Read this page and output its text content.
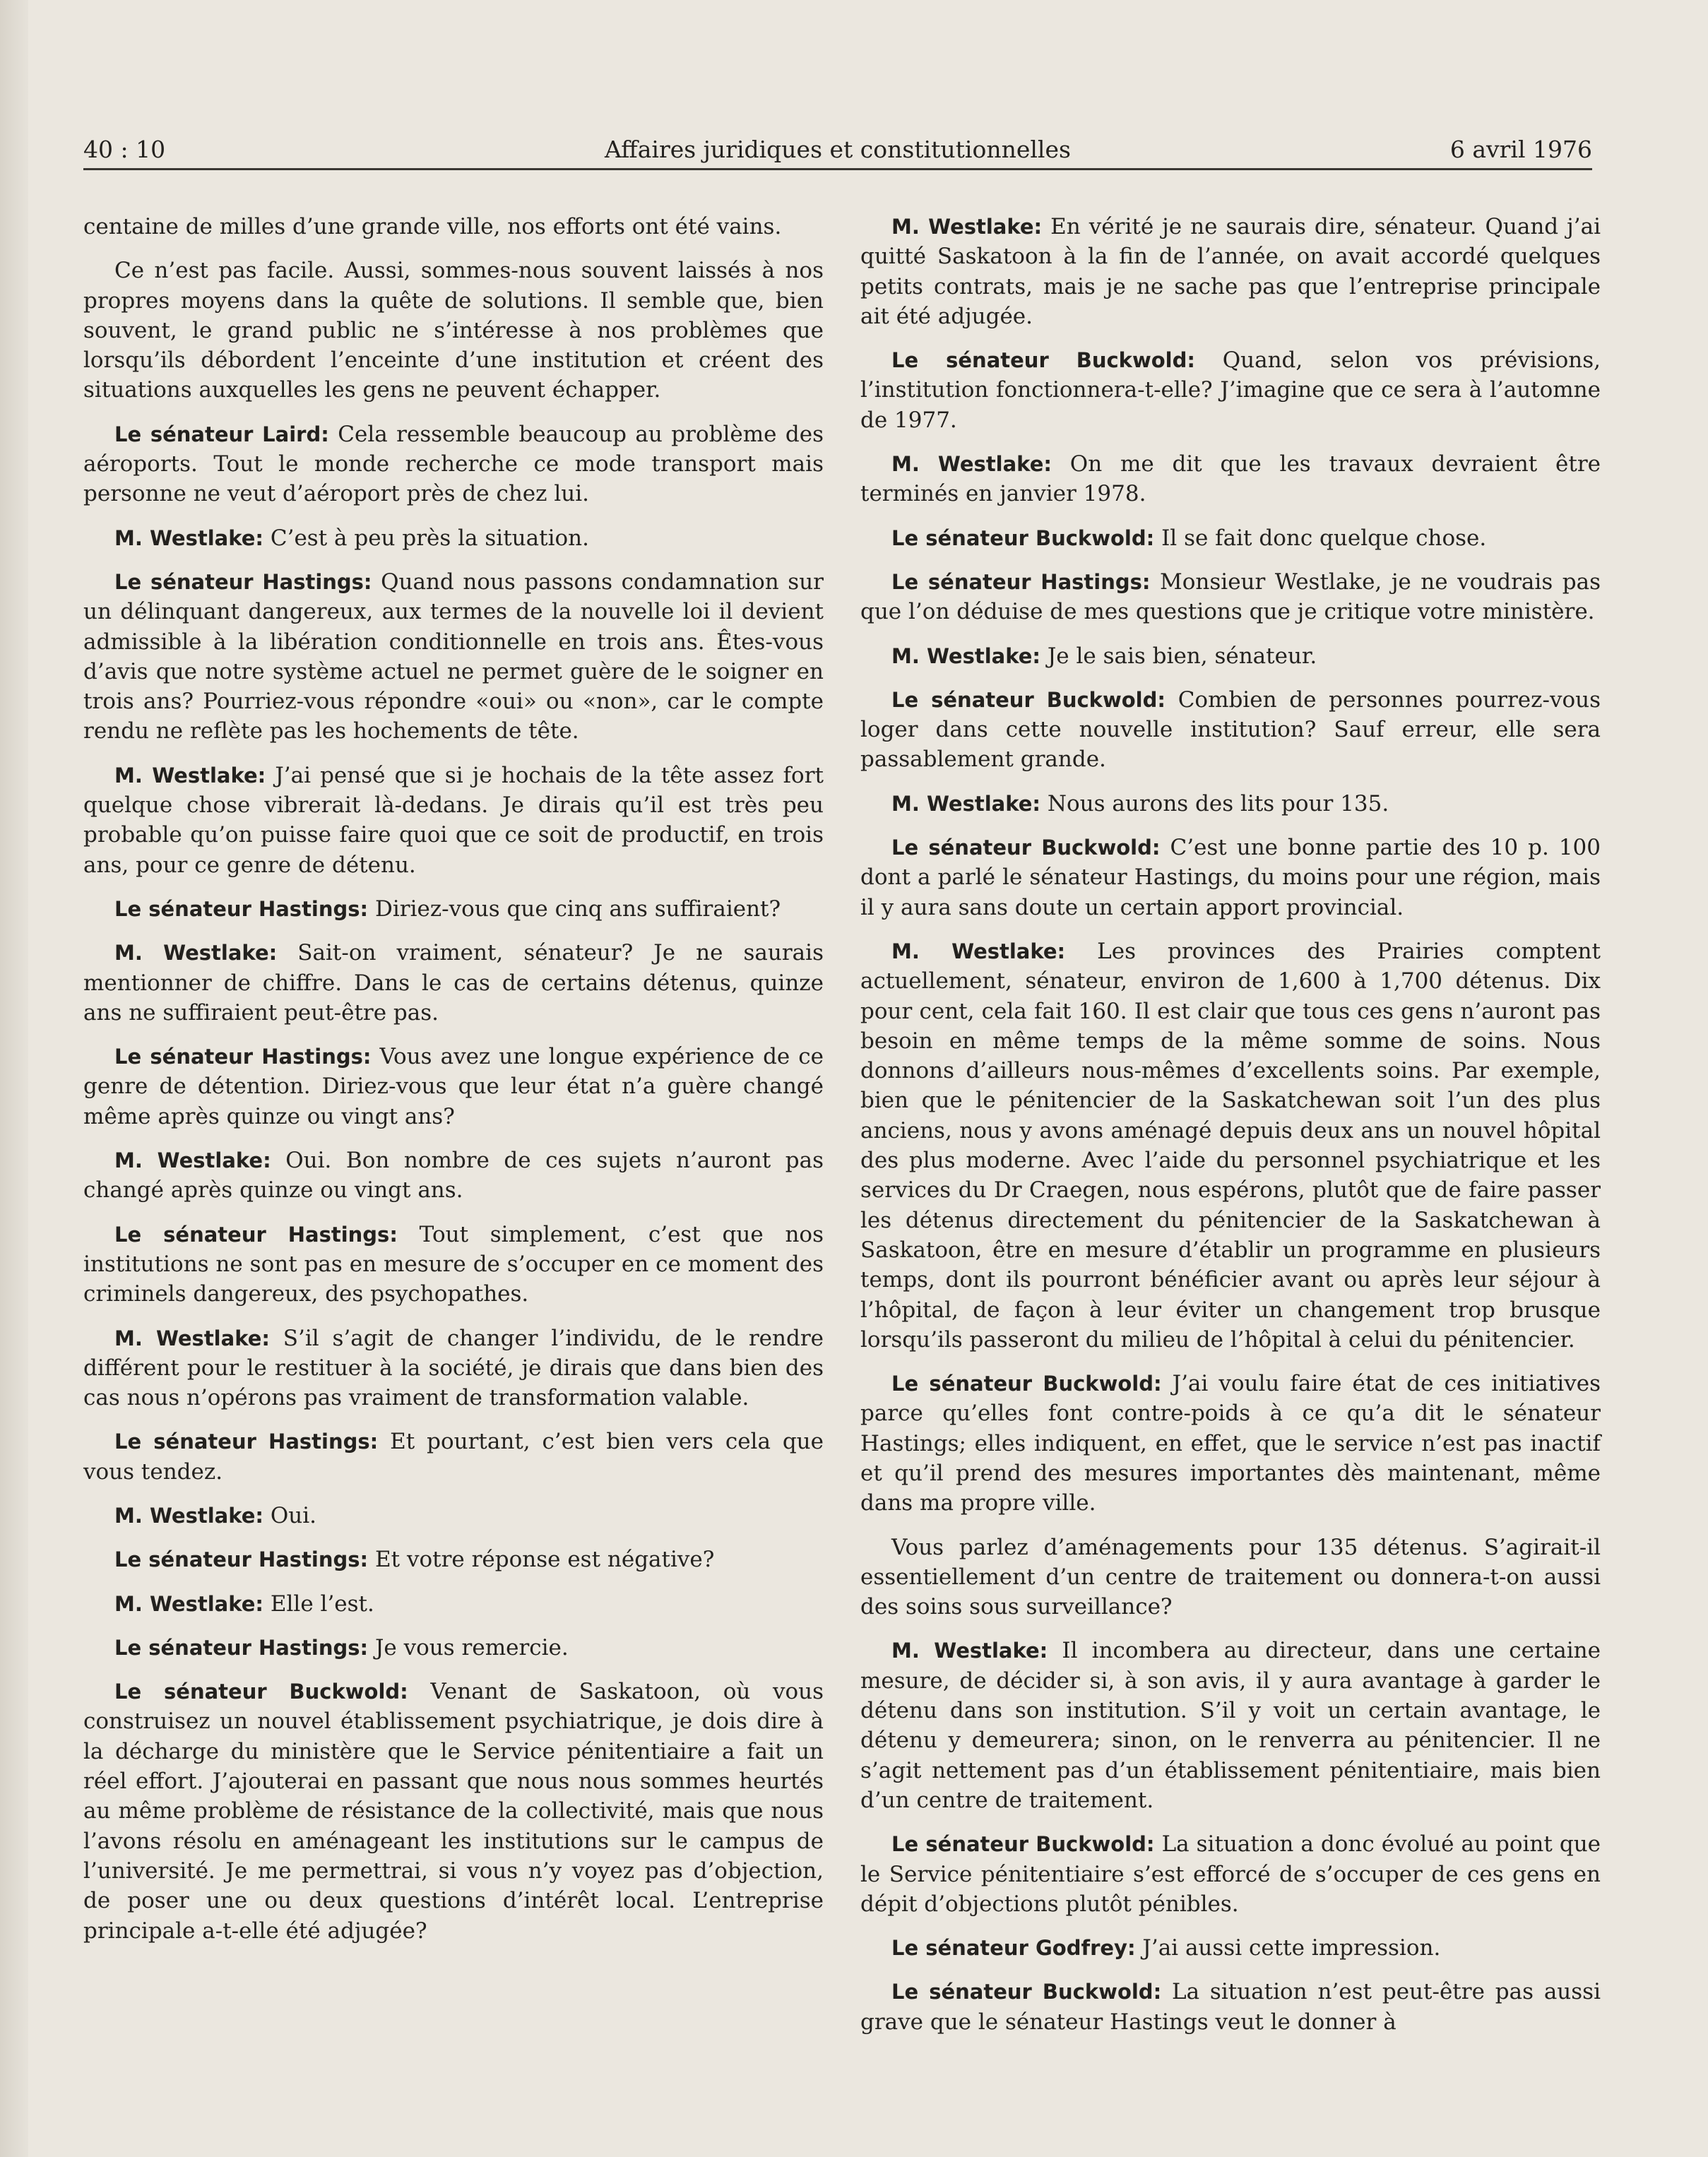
40 : 10	Affaires juridiques et constitutionnelles	6 avril 1976

centaine de milles d’une grande ville, nos efforts ont été vains.

Ce n’est pas facile. Aussi, sommes-nous souvent laissés à nos propres moyens dans la quête de solutions. Il semble que, bien souvent, le grand public ne s’intéresse à nos problèmes que lorsqu’ils débordent l’enceinte d’une institution et créent des situations auxquelles les gens ne peuvent échapper.

Le sénateur Laird: Cela ressemble beaucoup au problème des aéroports. Tout le monde recherche ce mode transport mais personne ne veut d’aéroport près de chez lui.

M. Westlake: C’est à peu près la situation.

Le sénateur Hastings: Quand nous passons condamnation sur un délinquant dangereux, aux termes de la nouvelle loi il devient admissible à la libération conditionnelle en trois ans. Êtes-vous d’avis que notre système actuel ne permet guère de le soigner en trois ans? Pourriez-vous répondre «oui» ou «non», car le compte rendu ne reflète pas les hochements de tête.

M. Westlake: J’ai pensé que si je hochais de la tête assez fort quelque chose vibrerait là-dedans. Je dirais qu’il est très peu probable qu’on puisse faire quoi que ce soit de productif, en trois ans, pour ce genre de détenu.

Le sénateur Hastings: Diriez-vous que cinq ans suffiraient?

M. Westlake: Sait-on vraiment, sénateur? Je ne saurais mentionner de chiffre. Dans le cas de certains détenus, quinze ans ne suffiraient peut-être pas.

Le sénateur Hastings: Vous avez une longue expérience de ce genre de détention. Diriez-vous que leur état n’a guère changé même après quinze ou vingt ans?

M. Westlake: Oui. Bon nombre de ces sujets n’auront pas changé après quinze ou vingt ans.

Le sénateur Hastings: Tout simplement, c’est que nos institutions ne sont pas en mesure de s’occuper en ce moment des criminels dangereux, des psychopathes.

M. Westlake: S’il s’agit de changer l’individu, de le rendre différent pour le restituer à la société, je dirais que dans bien des cas nous n’opérons pas vraiment de transformation valable.

Le sénateur Hastings: Et pourtant, c’est bien vers cela que vous tendez.

M. Westlake: Oui.

Le sénateur Hastings: Et votre réponse est négative?

M. Westlake: Elle l’est.

Le sénateur Hastings: Je vous remercie.

Le sénateur Buckwold: Venant de Saskatoon, où vous construisez un nouvel établissement psychiatrique, je dois dire à la décharge du ministère que le Service pénitentiaire a fait un réel effort. J’ajouterai en passant que nous nous sommes heurtés au même problème de résistance de la collectivité, mais que nous l’avons résolu en aménageant les institutions sur le campus de l’université. Je me permettrai, si vous n’y voyez pas d’objection, de poser une ou deux questions d’intérêt local. L’entreprise principale a-t-elle été adjugée?

M. Westlake: En vérité je ne saurais dire, sénateur. Quand j’ai quitté Saskatoon à la fin de l’année, on avait accordé quelques petits contrats, mais je ne sache pas que l’entreprise principale ait été adjugée.

Le sénateur Buckwold: Quand, selon vos prévisions, l’institution fonctionnera-t-elle? J’imagine que ce sera à l’automne de 1977.

M. Westlake: On me dit que les travaux devraient être terminés en janvier 1978.

Le sénateur Buckwold: Il se fait donc quelque chose.

Le sénateur Hastings: Monsieur Westlake, je ne voudrais pas que l’on déduise de mes questions que je critique votre ministère.

M. Westlake: Je le sais bien, sénateur.

Le sénateur Buckwold: Combien de personnes pourrez-vous loger dans cette nouvelle institution? Sauf erreur, elle sera passablement grande.

M. Westlake: Nous aurons des lits pour 135.

Le sénateur Buckwold: C’est une bonne partie des 10 p. 100 dont a parlé le sénateur Hastings, du moins pour une région, mais il y aura sans doute un certain apport provincial.

M. Westlake: Les provinces des Prairies comptent actuellement, sénateur, environ de 1,600 à 1,700 détenus. Dix pour cent, cela fait 160. Il est clair que tous ces gens n’auront pas besoin en même temps de la même somme de soins. Nous donnons d’ailleurs nous-mêmes d’excellents soins. Par exemple, bien que le pénitencier de la Saskatchewan soit l’un des plus anciens, nous y avons aménagé depuis deux ans un nouvel hôpital des plus moderne. Avec l’aide du personnel psychiatrique et les services du Dr Craegen, nous espérons, plutôt que de faire passer les détenus directement du pénitencier de la Saskatchewan à Saskatoon, être en mesure d’établir un programme en plusieurs temps, dont ils pourront bénéficier avant ou après leur séjour à l’hôpital, de façon à leur éviter un changement trop brusque lorsqu’ils passeront du milieu de l’hôpital à celui du pénitencier.

Le sénateur Buckwold: J’ai voulu faire état de ces initiatives parce qu’elles font contre-poids à ce qu’a dit le sénateur Hastings; elles indiquent, en effet, que le service n’est pas inactif et qu’il prend des mesures importantes dès maintenant, même dans ma propre ville.

Vous parlez d’aménagements pour 135 détenus. S’agirait-il essentiellement d’un centre de traitement ou donnera-t-on aussi des soins sous surveillance?

M. Westlake: Il incombera au directeur, dans une certaine mesure, de décider si, à son avis, il y aura avantage à garder le détenu dans son institution. S’il y voit un certain avantage, le détenu y demeurera; sinon, on le renverra au pénitencier. Il ne s’agit nettement pas d’un établissement pénitentiaire, mais bien d’un centre de traitement.

Le sénateur Buckwold: La situation a donc évolué au point que le Service pénitentiaire s’est efforcé de s’occuper de ces gens en dépit d’objections plutôt pénibles.

Le sénateur Godfrey: J’ai aussi cette impression.

Le sénateur Buckwold: La situation n’est peut-être pas aussi grave que le sénateur Hastings veut le donner à
